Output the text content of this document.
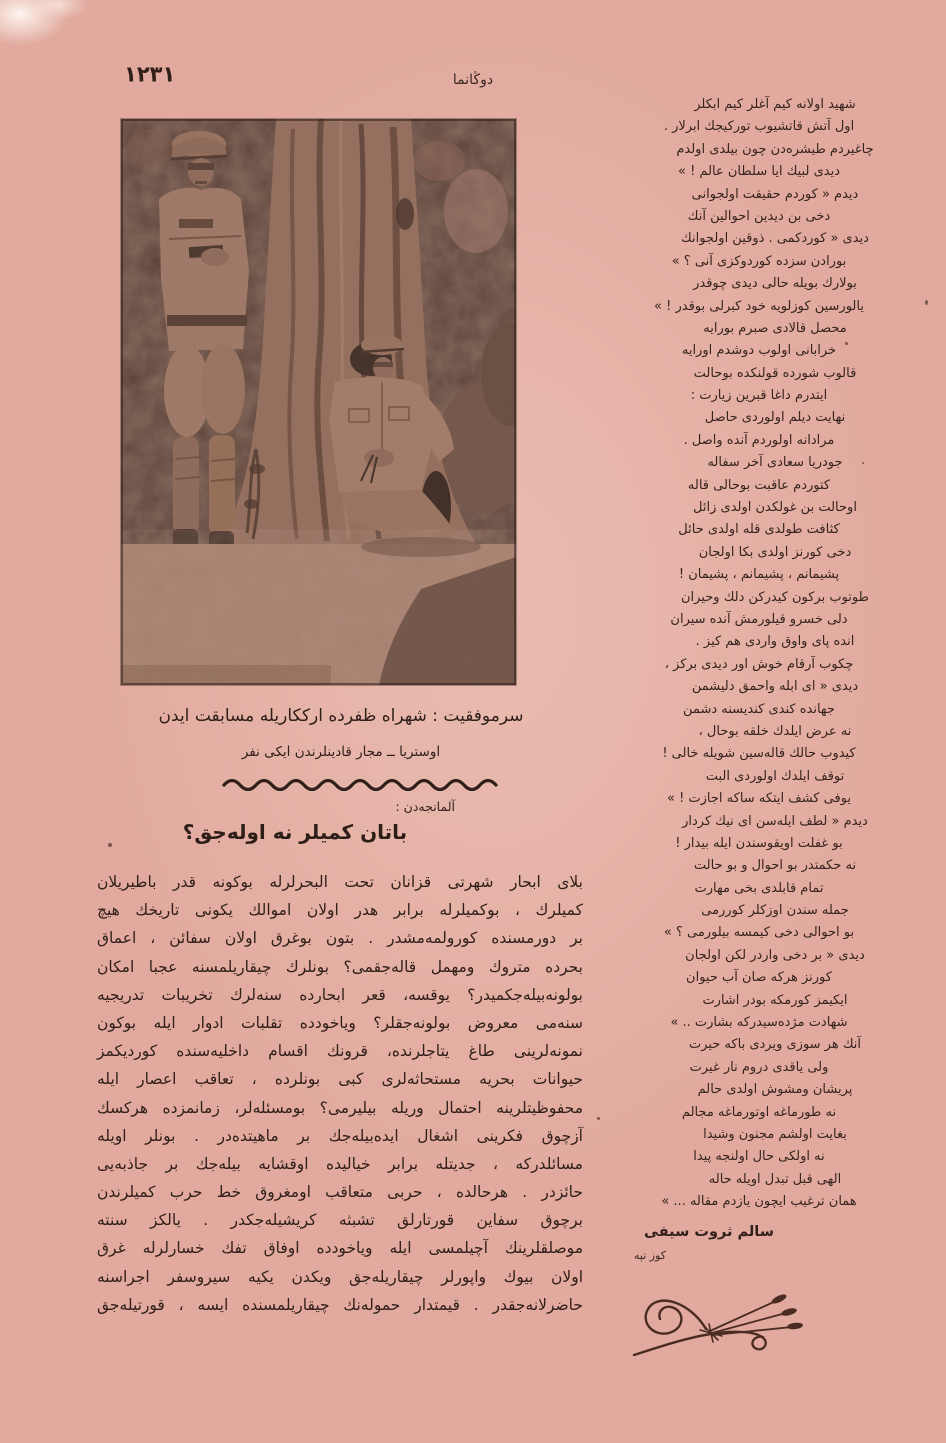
١٢٣١	دوڭانما
سرموفقیت : شهراه ظفرده ارککاریله مسابقت ایدن
اوستریا ــ مجار قادینلرندن ایکی نفر
آلمانجه‌دن :
باتان کمیلر نه اوله‌جق؟
بلای ابحار شهرتی قزانان تحت البحرلرله بوکونه قدر باطیریلان
کمیلرك ، بوکمیلرله برابر هدر اولان اموالك یکونی تاریخك هیچ
بر دورمسنده کورولمه‌مشدر . بتون بوغرق اولان سفائن ، اعماق
بحرده متروك ومهمل قاله‌جقمی؟ بونلرك چیقاریلمسنه عجبا امکان
بولونه‌بیله‌جكمیدر؟ یوقسه، قعر ابحارده سنه‌لرك تخریبات تدریجیه
سنه‌می معروض بولونه‌جقلر؟ ویاخودده تقلبات ادوار ایله بوکون
نمونه‌لرینی طاغ یتاجلرنده، قرونك اقسام داخلیه‌سنده کوردیکمز
حیوانات بحریه مستحاثه‌لری کبی بونلرده ، تعاقب اعصار ایله
محفوظیتلرینه احتمال وریله بیلیرمی؟ بومسئله‌لر، زمانمزده هرکسك
آزچوق فکرینی اشغال ایده‌بیله‌جك بر ماهیتده‌در . بونلر اویله
مسائلدرکه ، جدیتله برابر خیالیده اوقشایه بیله‌جك بر جاذبه‌یی
حائزدر . هرحالده ، حربی متعاقب اومغروق خط حرب کمیلرندن
برچوق سفاین قورتارلق تشبثه کریشیله‌جكدر . یالکز سنته
موصلقلرینك آچیلمسی ایله ویاخودده اوفاق تفك خسارلرله غرق
اولان بیوك واپورلر چیقاریله‌جق ویکدن یکیه سیروسفر اجراسنه
حاضرلانه‌جقدر . قیمتدار حموله‌نك چیقاریلمسنده ایسه ، قورتیله‌جق
شهید اولانه کیم آغلر کیم ابکلر
اول آتش قاتشیوب تورکیجك ابرلار .
چاغیردم طیشره‌دن چون بیلدی اولدم
دیدی لبیك ایا سلطان عالم ! »
دیدم « کوردم حقیقت اولجوانی
دخی بن دیدین احوالین آنك
دیدی « کوردکمی . ذوقین اولجوانك
بورادن سزده کوردوکزی آنی ؟ »
بولارك بویله حالی دیدی چوقدر
یالورسین کوزلویه خود کبرلی بوقدر ! »
محصل قالادی صبرم بورایه
خرابانی اولوب دوشدم اورایه
قالوب شورده قولنکده بوحالت
ایتدرم داغا قبرین زیارت :
نهایت دیلم اولوردی حاصل
مرادانه اولوردم آنده واصل .
جودریا سعادی آخر سفاله
کتوردم عاقبت بوحالی قاله
اوحالت بن غولکدن اولدی زائل
کثافت طولدی قله اولدی حائل
دخی کورنز اولدی بکا اولجان
پشیمانم ، پشیمانم ، پشیمان !
طوتوب برکون کیدرکن دلك وحیران
دلی خسرو قیلورمش آنده سیران
انده پای واوق واردی هم کیز .
چکوب آرقام خوش اور دیدی برکز ،
دیدی « ای ابله واحمق دلیشمن
جهانده کندی کندیسنه دشمن
نه عرض ایلدك خلقه بوحال ،
کیدوب حالك قاله‌سین شویله خالی !
توقف ایلدك اولوردی البت
یوفی کشف ایتکه ساکه اجازت ! »
دیدم « لطف ایله‌سن ای نیك کردار
بو غفلت اویقوسندن ایله بیدار !
نه حکمتدر بو احوال و بو حالت
تمام قابلدی بخی مهارت
جمله سندن اوزکلر کوررمی
بو احوالی دخی کیمسه بیلورمی ؟ »
دیدی « بر دخی واردر لکن اولجان
کورنز هرکه صان آب حیوان
ایکیمز کورمکه بودر اشارت
شهادت مژده‌سیدرکه بشارت .. »
آنك هر سوزی ویردی باکه حیرت
ولی یاقدی دروم نار غیرت
پریشان ومشوش اولدی حالم
نه طورماغه اوتورماغه مجالم
بغایت اولشم مجنون وشیدا
نه اولکی حال اولنجه پیدا
الهی قبل تبدل اویله حاله
همان ترغیب ایچون یازدم مقاله ... »
سالم ثروت سیفی
کوز تپه
